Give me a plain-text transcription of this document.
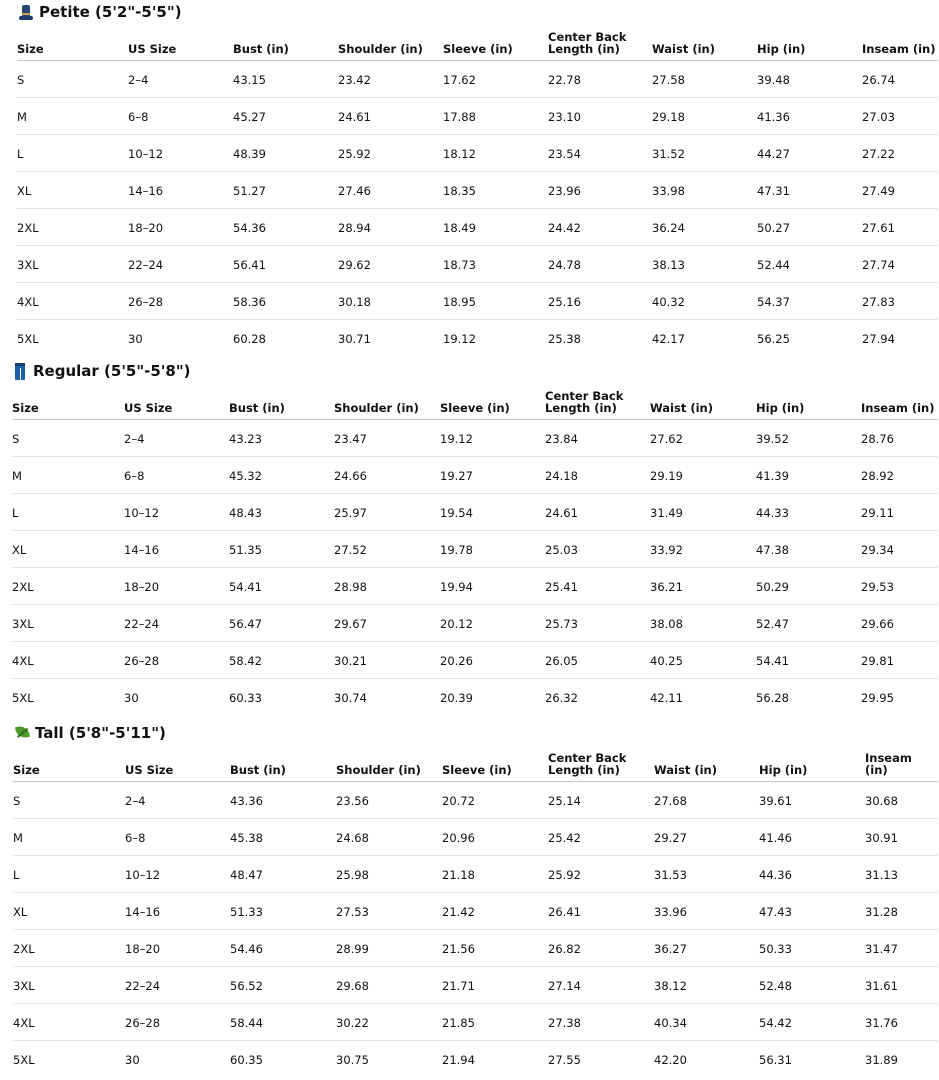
Petite (5'2"-5'5")
Size	US Size	Bust (in)	Shoulder (in)	Sleeve (in)	Center Back Length (in)	Waist (in)	Hip (in)	Inseam (in)
S	2–4	43.15	23.42	17.62	22.78	27.58	39.48	26.74
M	6–8	45.27	24.61	17.88	23.10	29.18	41.36	27.03
L	10–12	48.39	25.92	18.12	23.54	31.52	44.27	27.22
XL	14–16	51.27	27.46	18.35	23.96	33.98	47.31	27.49
2XL	18–20	54.36	28.94	18.49	24.42	36.24	50.27	27.61
3XL	22–24	56.41	29.62	18.73	24.78	38.13	52.44	27.74
4XL	26–28	58.36	30.18	18.95	25.16	40.32	54.37	27.83
5XL	30	60.28	30.71	19.12	25.38	42.17	56.25	27.94
Regular (5'5"-5'8")
Size	US Size	Bust (in)	Shoulder (in)	Sleeve (in)	Center Back Length (in)	Waist (in)	Hip (in)	Inseam (in)
S	2–4	43.23	23.47	19.12	23.84	27.62	39.52	28.76
M	6–8	45.32	24.66	19.27	24.18	29.19	41.39	28.92
L	10–12	48.43	25.97	19.54	24.61	31.49	44.33	29.11
XL	14–16	51.35	27.52	19.78	25.03	33.92	47.38	29.34
2XL	18–20	54.41	28.98	19.94	25.41	36.21	50.29	29.53
3XL	22–24	56.47	29.67	20.12	25.73	38.08	52.47	29.66
4XL	26–28	58.42	30.21	20.26	26.05	40.25	54.41	29.81
5XL	30	60.33	30.74	20.39	26.32	42.11	56.28	29.95
Tall (5'8"-5'11")
Size	US Size	Bust (in)	Shoulder (in)	Sleeve (in)	Center Back Length (in)	Waist (in)	Hip (in)	Inseam (in)
S	2–4	43.36	23.56	20.72	25.14	27.68	39.61	30.68
M	6–8	45.38	24.68	20.96	25.42	29.27	41.46	30.91
L	10–12	48.47	25.98	21.18	25.92	31.53	44.36	31.13
XL	14–16	51.33	27.53	21.42	26.41	33.96	47.43	31.28
2XL	18–20	54.46	28.99	21.56	26.82	36.27	50.33	31.47
3XL	22–24	56.52	29.68	21.71	27.14	38.12	52.48	31.61
4XL	26–28	58.44	30.22	21.85	27.38	40.34	54.42	31.76
5XL	30	60.35	30.75	21.94	27.55	42.20	56.31	31.89
